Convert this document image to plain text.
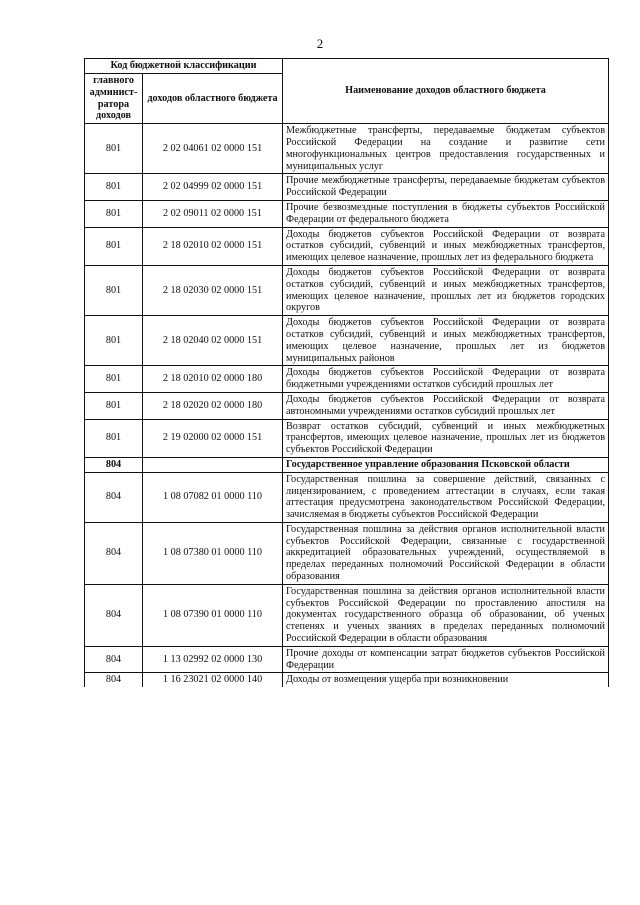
2
Код бюджетной классификации		Наименование доходов областного бюджета
главного админист-ратора доходов	доходов областного бюджета	
801	2 02 04061 02 0000 151	Межбюджетные трансферты, передаваемые бюджетам субъектов Российской Федерации на создание и развитие сети многофункциональных центров предоставления государственных и муниципальных услуг
801	2 02 04999 02 0000 151	Прочие межбюджетные трансферты, передаваемые бюджетам субъектов Российской Федерации
801	2 02 09011 02 0000 151	Прочие безвозмездные поступления в бюджеты субъектов Российской Федерации от федерального бюджета
801	2 18 02010 02 0000 151	Доходы бюджетов субъектов Российской Федерации от возврата остатков субсидий, субвенций и иных межбюджетных трансфертов, имеющих целевое назначение, прошлых лет из федерального бюджета
801	2 18 02030 02 0000 151	Доходы бюджетов субъектов Российской Федерации от возврата остатков субсидий, субвенций и иных межбюджетных трансфертов, имеющих целевое назначение, прошлых лет из бюджетов городских округов
801	2 18 02040 02 0000 151	Доходы бюджетов субъектов Российской Федерации от возврата остатков субсидий, субвенций и иных межбюджетных трансфертов, имеющих целевое назначение, прошлых лет из бюджетов муниципальных районов
801	2 18 02010 02 0000 180	Доходы бюджетов субъектов Российской Федерации от возврата бюджетными учреждениями остатков субсидий прошлых лет
801	2 18 02020 02 0000 180	Доходы бюджетов субъектов Российской Федерации от возврата автономными учреждениями остатков субсидий прошлых лет
801	2 19 02000 02 0000 151	Возврат остатков субсидий, субвенций и иных межбюджетных трансфертов, имеющих целевое назначение, прошлых лет из бюджетов субъектов Российской Федерации
804		Государственное управление образования Псковской области
804	1 08 07082 01 0000 110	Государственная пошлина за совершение действий, связанных с лицензированием, с проведением аттестации в случаях, если такая аттестация предусмотрена законодательством Российской Федерации, зачисляемая в бюджеты субъектов Российской Федерации
804	1 08 07380 01 0000 110	Государственная пошлина за действия органов исполнительной власти субъектов Российской Федерации, связанные с государственной аккредитацией образовательных учреждений, осуществляемой в пределах переданных полномочий Российской Федерации в области образования
804	1 08 07390 01 0000 110	Государственная пошлина за действия органов исполнительной власти субъектов Российской Федерации по проставлению апостиля на документах государственного образца об образовании, об ученых степенях и ученых званиях в пределах переданных полномочий Российской Федерации в области образования
804	1 13 02992 02 0000 130	Прочие доходы от компенсации затрат бюджетов субъектов Российской Федерации
804	1 16 23021 02 0000 140	Доходы от возмещения ущерба при возникновении
